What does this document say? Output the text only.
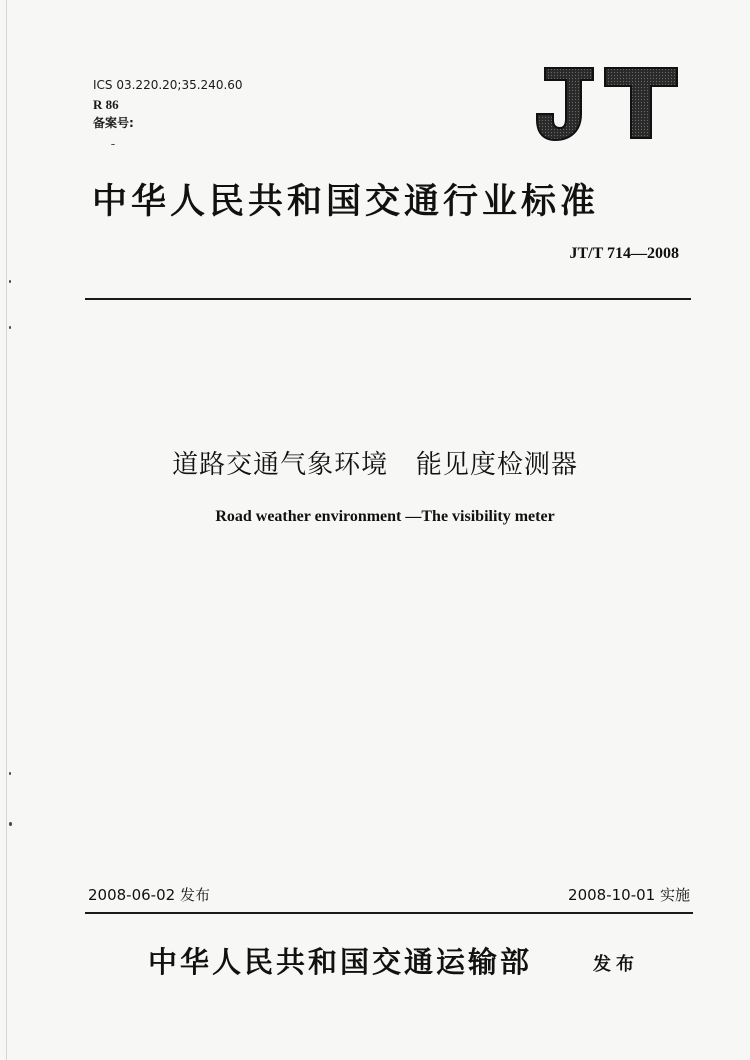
ICS 03.220.20;35.240.60
R 86
备案号:
中华人民共和国交通行业标准
JT/T 714—2008
道路交通气象环境   能见度检测器
Road weather environment —The visibility meter
2008-06-02 发布	2008-10-01 实施
中华人民共和国交通运输部	发布
